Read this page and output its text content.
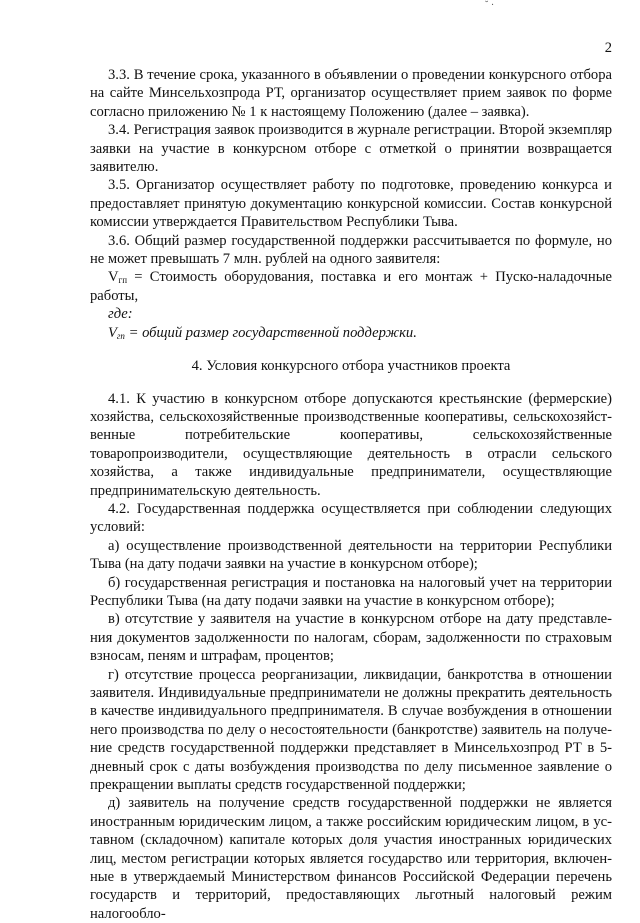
˘ ·
2

3.3. В течение срока, указанного в объявлении о проведении конкурсного отбора на сайте Минсельхозпрода РТ, организатор осуществляет прием заявок по форме согласно приложению № 1 к настоящему Положению (далее – заявка).

3.4. Регистрация заявок производится в журнале регистрации. Второй экземпляр заявки на участие в конкурсном отборе с отметкой о принятии возвращается заявителю.

3.5. Организатор осуществляет работу по подготовке, проведению конкурса и предоставляет принятую документацию конкурсной комиссии. Состав конкурсной комиссии утверждается Правительством Республики Тыва.

3.6. Общий размер государственной поддержки рассчитывается по формуле, но не может превышать 7 млн. рублей на одного заявителя:

$V_{гп}$ = Стоимость оборудования, поставка и его монтаж + Пуско-наладочные работы,

где:

$V_{гп}$ = общий размер государственной поддержки.

4. Условия конкурсного отбора участников проекта

4.1. К участию в конкурсном отборе допускаются крестьянские (фермерские) хозяйства, сельскохозяйственные производственные кооперативы, сельскохозяйственные потребительские кооперативы, сельскохозяйственные товаропроизводители, осуществляющие деятельность в отрасли сельского хозяйства, а также индивидуальные предприниматели, осуществляющие предпринимательскую деятельность.

4.2. Государственная поддержка осуществляется при соблюдении следующих условий:

а) осуществление производственной деятельности на территории Республики Тыва (на дату подачи заявки на участие в конкурсном отборе);

б) государственная регистрация и постановка на налоговый учет на территории Республики Тыва (на дату подачи заявки на участие в конкурсном отборе);

в) отсутствие у заявителя на участие в конкурсном отборе на дату представления документов задолженности по налогам, сборам, задолженности по страховым взносам, пеням и штрафам, процентов;

г) отсутствие процесса реорганизации, ликвидации, банкротства в отношении заявителя. Индивидуальные предприниматели не должны прекратить деятельность в качестве индивидуального предпринимателя. В случае возбуждения в отношении него производства по делу о несостоятельности (банкротстве) заявитель на получение средств государственной поддержки представляет в Минсельхозпрод РТ в 5-дневный срок с даты возбуждения производства по делу письменное заявление о прекращении выплаты средств государственной поддержки;

д) заявитель на получение средств государственной поддержки не является иностранным юридическим лицом, а также российским юридическим лицом, в уставном (складочном) капитале которых доля участия иностранных юридических лиц, местом регистрации которых является государство или территория, включенные в утверждаемый Министерством финансов Российской Федерации перечень государств и территорий, предоставляющих льготный налоговый режим налогообло-
